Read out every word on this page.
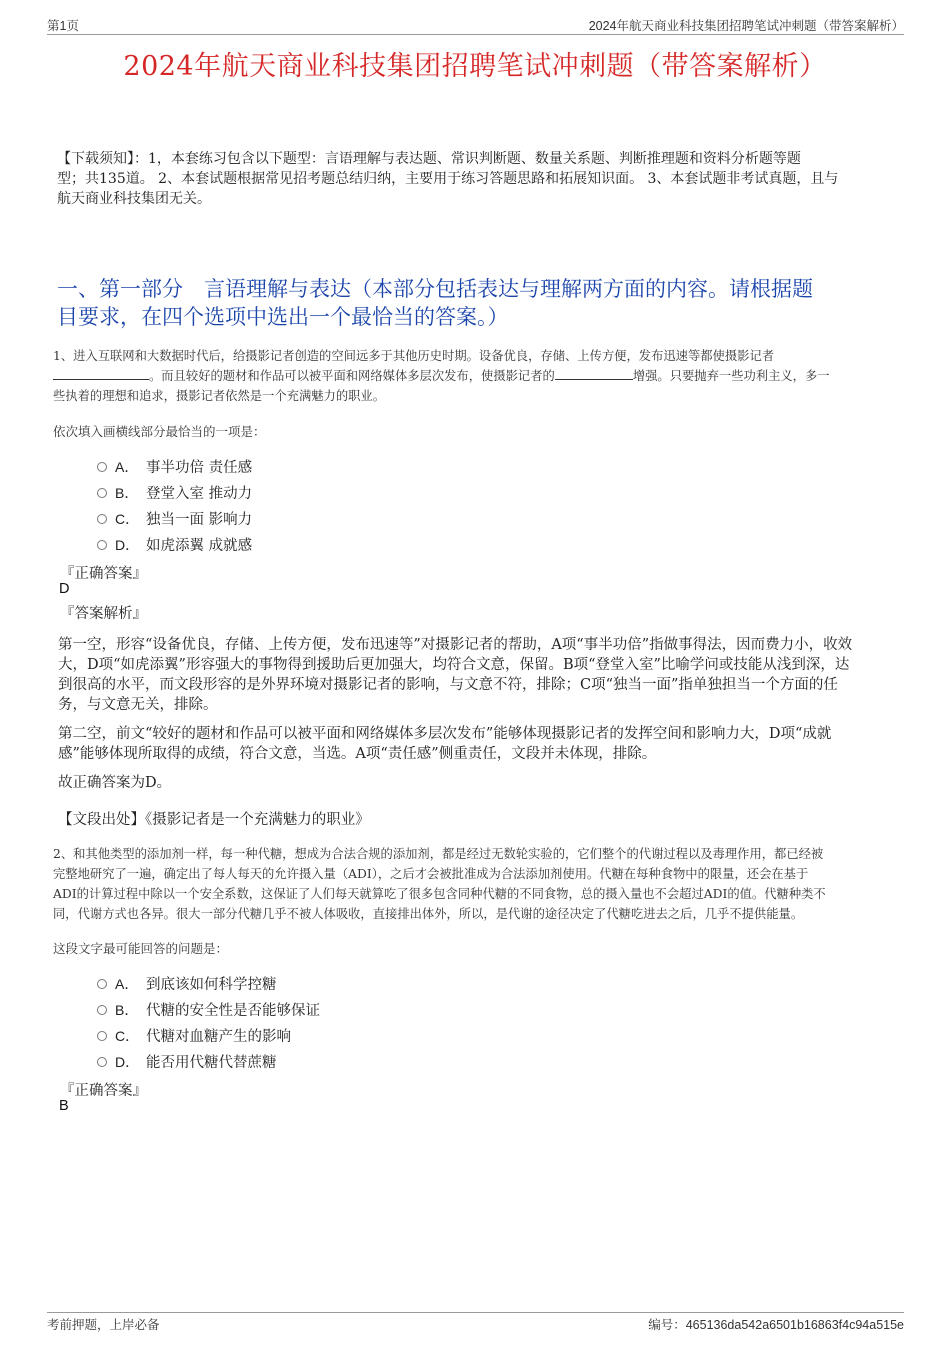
第1页	2024年航天商业科技集团招聘笔试冲刺题（带答案解析）
2024年航天商业科技集团招聘笔试冲刺题（带答案解析）
【下载须知】：1，本套练习包含以下题型：言语理解与表达题、常识判断题、数量关系题、判断推理题和资料分析题等题
型；共135道。 2、本套试题根据常见招考题总结归纳，主要用于练习答题思路和拓展知识面。 3、本套试题非考试真题，且与
航天商业科技集团无关。
一、第一部分　言语理解与表达（本部分包括表达与理解两方面的内容。请根据题
目要求，在四个选项中选出一个最恰当的答案。）
1、进入互联网和大数据时代后，给摄影记者创造的空间远多于其他历史时期。设备优良，存储、上传方便，发布迅速等都使摄影记者
。而且较好的题材和作品可以被平面和网络媒体多层次发布，使摄影记者的	增强。只要抛弃一些功利主义，多一
些执着的理想和追求，摄影记者依然是一个充满魅力的职业。
依次填入画横线部分最恰当的一项是：
A． 事半功倍 责任感
B． 登堂入室 推动力
C． 独当一面 影响力
D． 如虎添翼 成就感
『正确答案』
D
『答案解析』
第一空，形容“设备优良，存储、上传方便，发布迅速等”对摄影记者的帮助，A项“事半功倍”指做事得法，因而费力小，收效
大，D项“如虎添翼”形容强大的事物得到援助后更加强大，均符合文意，保留。B项“登堂入室”比喻学问或技能从浅到深，达
到很高的水平，而文段形容的是外界环境对摄影记者的影响，与文意不符，排除；C项“独当一面”指单独担当一个方面的任
务，与文意无关，排除。
第二空，前文“较好的题材和作品可以被平面和网络媒体多层次发布”能够体现摄影记者的发挥空间和影响力大，D项“成就
感”能够体现所取得的成绩，符合文意，当选。A项“责任感”侧重责任，文段并未体现，排除。
故正确答案为D。
【文段出处】《摄影记者是一个充满魅力的职业》
2、和其他类型的添加剂一样，每一种代糖，想成为合法合规的添加剂，都是经过无数轮实验的，它们整个的代谢过程以及毒理作用，都已经被
完整地研究了一遍，确定出了每人每天的允许摄入量（ADI），之后才会被批准成为合法添加剂使用。代糖在每种食物中的限量，还会在基于
ADI的计算过程中除以一个安全系数，这保证了人们每天就算吃了很多包含同种代糖的不同食物，总的摄入量也不会超过ADI的值。代糖种类不
同，代谢方式也各异。很大一部分代糖几乎不被人体吸收，直接排出体外，所以，是代谢的途径决定了代糖吃进去之后，几乎不提供能量。
这段文字最可能回答的问题是：
A． 到底该如何科学控糖
B． 代糖的安全性是否能够保证
C． 代糖对血糖产生的影响
D． 能否用代糖代替蔗糖
『正确答案』
B
考前押题，上岸必备	编号：465136da542a6501b16863f4c94a515e
